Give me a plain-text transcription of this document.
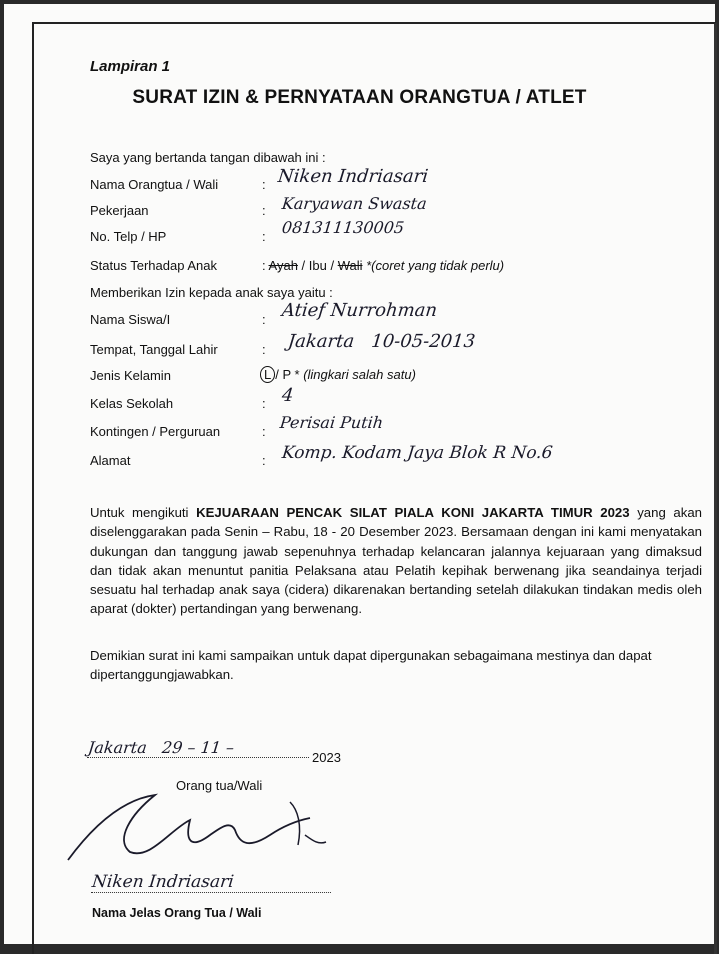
Lampiran 1
SURAT IZIN & PERNYATAAN ORANGTUA / ATLET
Saya yang bertanda tangan dibawah ini :
Nama Orangtua / Wali	: Niken Indriasari
Pekerjaan	: Karyawan Swasta
No. Telp / HP	: 081311130005
Status Terhadap Anak	: Ayah / Ibu / Wali *(coret yang tidak perlu)
Memberikan Izin kepada anak saya yaitu :
Nama Siswa/I	: Atief Nurrohman
Tempat, Tanggal Lahir	: Jakarta   10-05-2013
Jenis Kelamin	L / P * (lingkari salah satu)
Kelas Sekolah	: 4
Kontingen / Perguruan	: Perisai Putih
Alamat	: Komp. Kodam Jaya Blok R No.6
Untuk mengikuti KEJUARAAN PENCAK SILAT PIALA KONI JAKARTA TIMUR 2023 yang akan diselenggarakan pada Senin – Rabu, 18 - 20 Desember 2023. Bersamaan dengan ini kami menyatakan dukungan dan tanggung jawab sepenuhnya terhadap kelancaran jalannya kejuaraan yang dimaksud dan tidak akan menuntut panitia Pelaksana atau Pelatih kepihak berwenang jika seandainya terjadi sesuatu hal terhadap anak saya (cidera) dikarenakan bertanding setelah dilakukan tindakan medis oleh aparat (dokter) pertandingan yang berwenang.
Demikian surat ini kami sampaikan untuk dapat dipergunakan sebagaimana mestinya dan dapat dipertanggungjawabkan.
Jakarta   29 – 11 –
2023
Orang tua/Wali
Niken Indriasari
Nama Jelas Orang Tua / Wali
